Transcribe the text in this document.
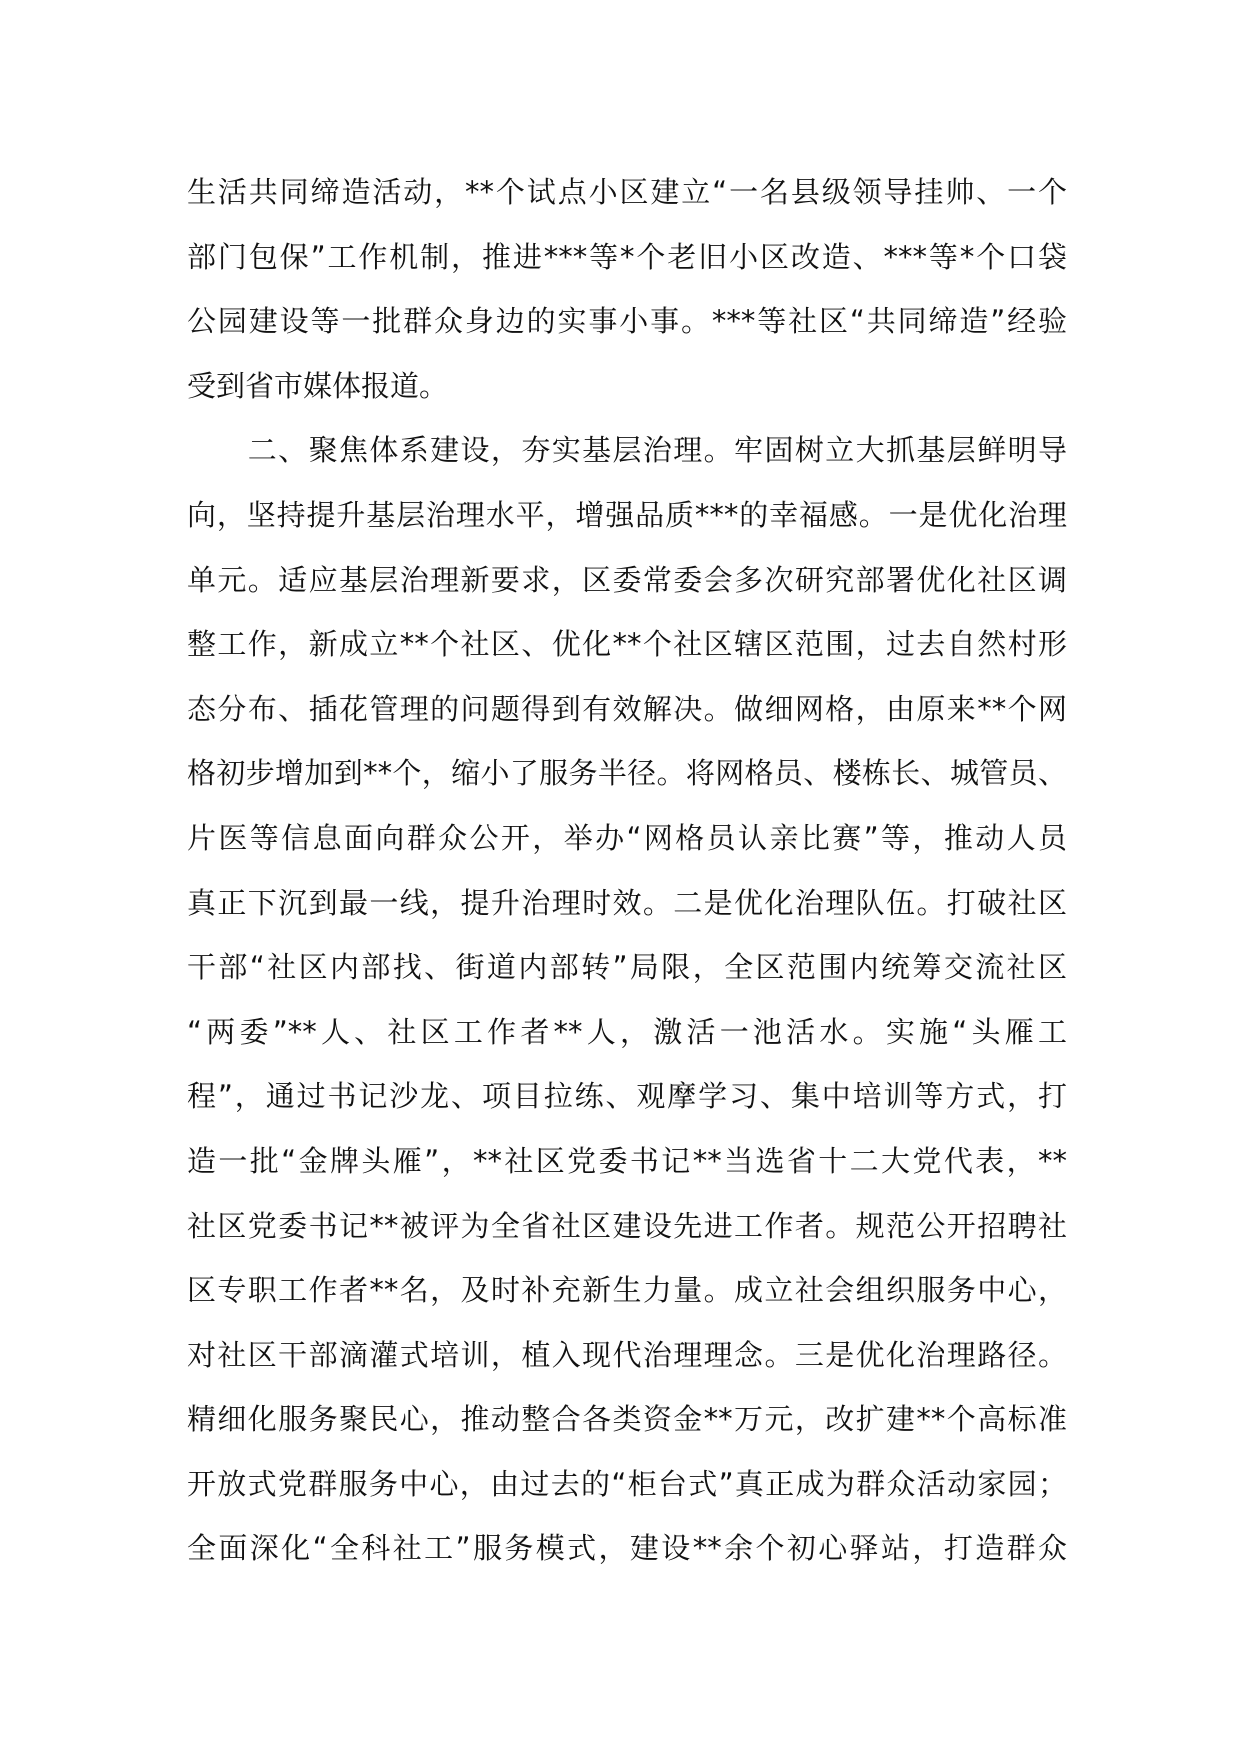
生活共同缔造活动，**个试点小区建立“一名县级领导挂帅、一个
部门包保”工作机制，推进***等*个老旧小区改造、***等*个口袋
公园建设等一批群众身边的实事小事。***等社区“共同缔造”经验
受到省市媒体报道。
　　二、聚焦体系建设，夯实基层治理。牢固树立大抓基层鲜明导
向，坚持提升基层治理水平，增强品质***的幸福感。一是优化治理
单元。适应基层治理新要求，区委常委会多次研究部署优化社区调
整工作，新成立**个社区、优化**个社区辖区范围，过去自然村形
态分布、插花管理的问题得到有效解决。做细网格，由原来**个网
格初步增加到**个，缩小了服务半径。将网格员、楼栋长、城管员、
片医等信息面向群众公开，举办“网格员认亲比赛”等，推动人员
真正下沉到最一线，提升治理时效。二是优化治理队伍。打破社区
干部“社区内部找、街道内部转”局限，全区范围内统筹交流社区
“两委”**人、社区工作者**人，激活一池活水。实施“头雁工
程”，通过书记沙龙、项目拉练、观摩学习、集中培训等方式，打
造一批“金牌头雁”，**社区党委书记**当选省十二大党代表，**
社区党委书记**被评为全省社区建设先进工作者。规范公开招聘社
区专职工作者**名，及时补充新生力量。成立社会组织服务中心，
对社区干部滴灌式培训，植入现代治理理念。三是优化治理路径。
精细化服务聚民心，推动整合各类资金**万元，改扩建**个高标准
开放式党群服务中心，由过去的“柜台式”真正成为群众活动家园；
全面深化“全科社工”服务模式，建设**余个初心驿站，打造群众
